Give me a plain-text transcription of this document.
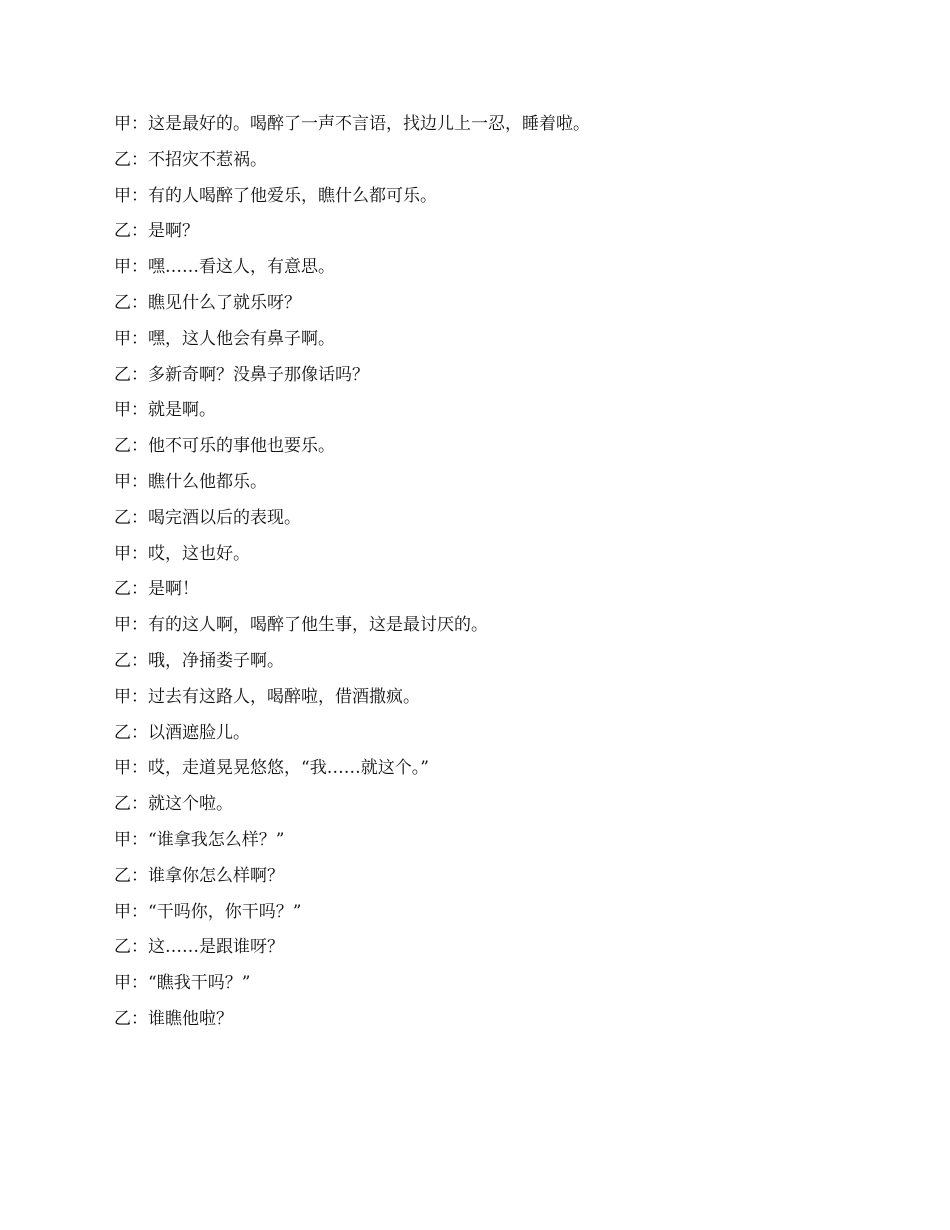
甲：这是最好的。喝醉了一声不言语，找边儿上一忍，睡着啦。
乙：不招灾不惹祸。
甲：有的人喝醉了他爱乐，瞧什么都可乐。
乙：是啊？
甲：嘿……看这人，有意思。
乙：瞧见什么了就乐呀？
甲：嘿，这人他会有鼻子啊。
乙：多新奇啊？没鼻子那像话吗？
甲：就是啊。
乙：他不可乐的事他也要乐。
甲：瞧什么他都乐。
乙：喝完酒以后的表现。
甲：哎，这也好。
乙：是啊！
甲：有的这人啊，喝醉了他生事，这是最讨厌的。
乙：哦，净捅娄子啊。
甲：过去有这路人，喝醉啦，借酒撒疯。
乙：以酒遮脸儿。
甲：哎，走道晃晃悠悠，“我……就这个。”
乙：就这个啦。
甲：“谁拿我怎么样？”
乙：谁拿你怎么样啊？
甲：“干吗你，你干吗？”
乙：这……是跟谁呀？
甲：“瞧我干吗？”
乙：谁瞧他啦？
